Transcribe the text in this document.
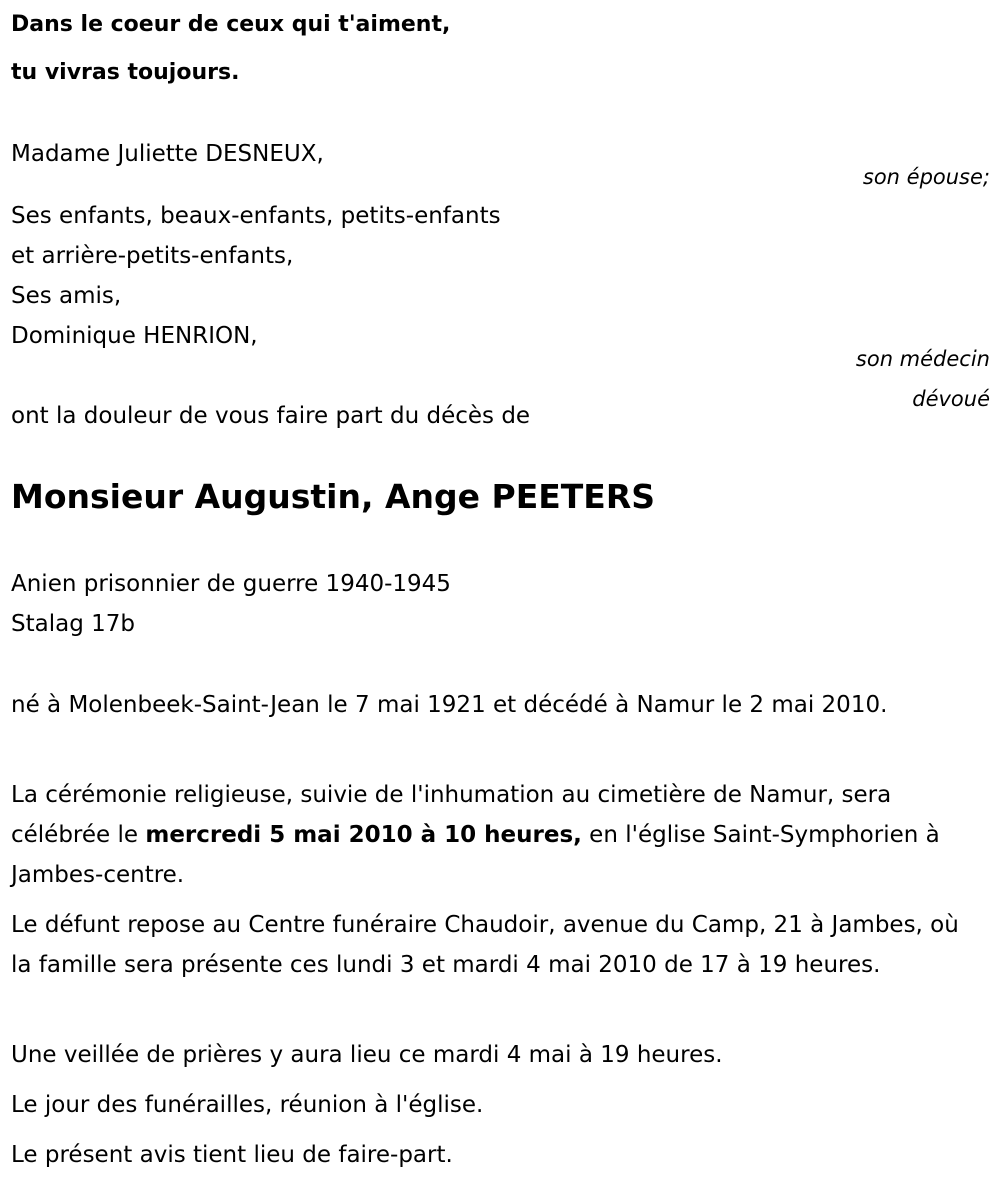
Dans le coeur de ceux qui t'aiment,
tu vivras toujours.
Madame Juliette DESNEUX,
son épouse;
Ses enfants, beaux-enfants, petits-enfants
et arrière-petits-enfants,
Ses amis,
Dominique HENRION,
son médecin
dévoué
ont la douleur de vous faire part du décès de
Monsieur Augustin, Ange PEETERS
Anien prisonnier de guerre 1940-1945
Stalag 17b
né à Molenbeek-Saint-Jean le 7 mai 1921 et décédé à Namur le 2 mai 2010.
La cérémonie religieuse, suivie de l'inhumation au cimetière de Namur, sera célébrée le mercredi 5 mai 2010 à 10 heures, en l'église Saint-Symphorien à Jambes-centre.
Le défunt repose au Centre funéraire Chaudoir, avenue du Camp, 21 à Jambes, où la famille sera présente ces lundi 3 et mardi 4 mai 2010 de 17 à 19 heures.
Une veillée de prières y aura lieu ce mardi 4 mai à 19 heures.
Le jour des funérailles, réunion à l'église.
Le présent avis tient lieu de faire-part.
